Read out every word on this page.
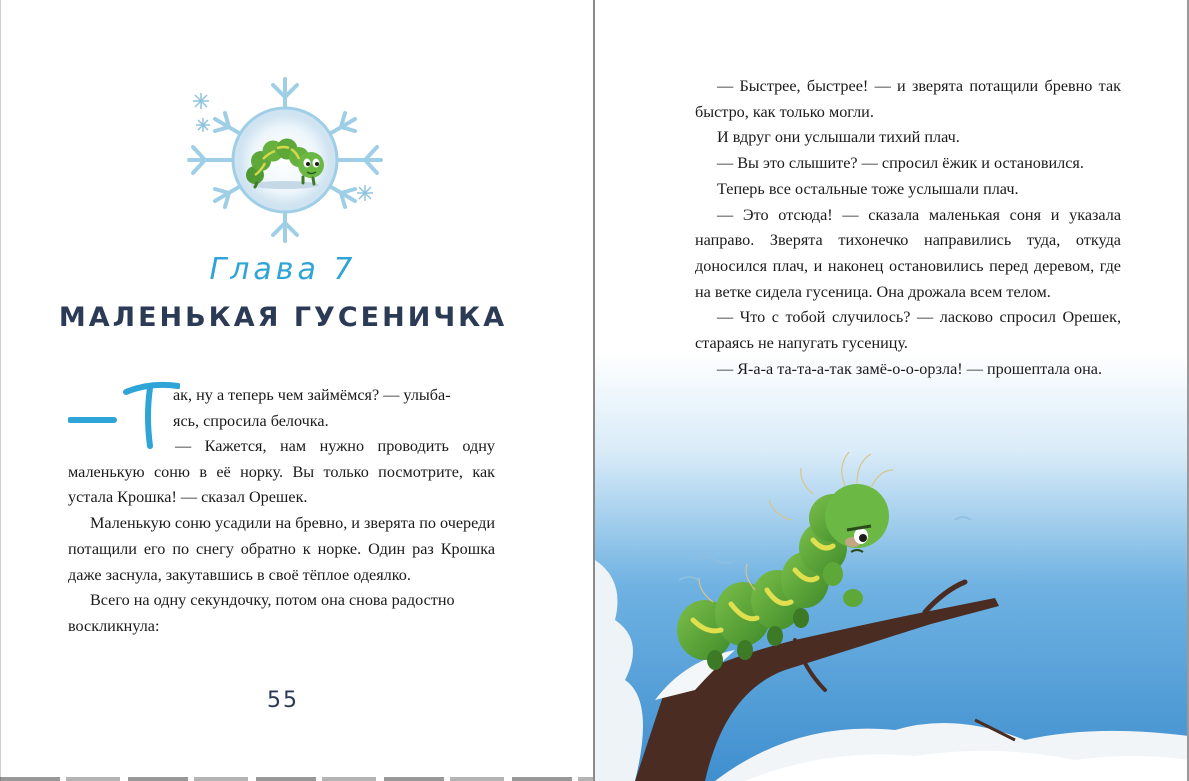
Глава 7
МАЛЕНЬКАЯ ГУСЕНИЧКА

ак, ну а теперь чем займёмся? — улыба-

ясь, спросила белочка.

— Кажется, нам нужно проводить одну маленькую соню в её норку. Вы только посмотрите, как устала Крошка! — сказал Орешек.

Маленькую соню усадили на бревно, и зверята по очереди потащили его по снегу обратно к норке. Один раз Крошка даже заснула, закутавшись в своё тёплое одеялко.

Всего на одну секундочку, потом она снова радостно воскликнула:

55

— Быстрее, быстрее! — и зверята потащили бревно так быстро, как только могли.

И вдруг они услышали тихий плач.

— Вы это слышите? — спросил ёжик и остановился.

Теперь все остальные тоже услышали плач.

— Это отсюда! — сказала маленькая соня и указала направо. Зверята тихонечко направились туда, откуда доносился плач, и наконец остановились перед деревом, где на ветке сидела гусеница. Она дрожала всем телом.

— Что с тобой случилось? — ласково спросил Орешек, стараясь не напугать гусеницу.

— Я-а-а та-та-а-так замё-о-о-орзла! — прошептала она.
